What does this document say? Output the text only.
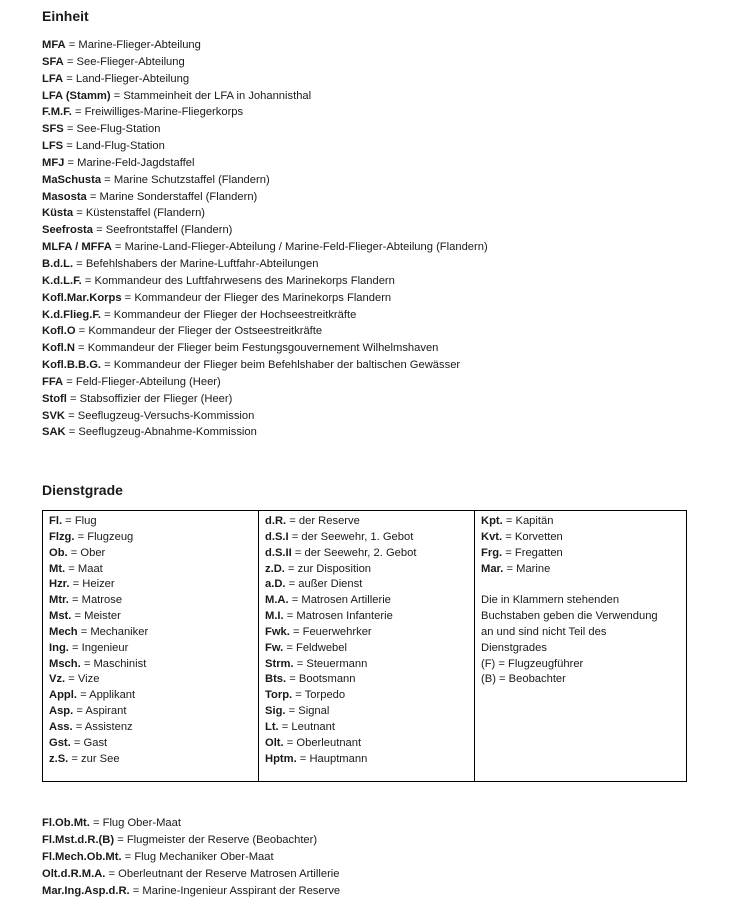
Einheit
MFA = Marine-Flieger-Abteilung
SFA = See-Flieger-Abteilung
LFA = Land-Flieger-Abteilung
LFA (Stamm) = Stammeinheit der LFA in Johannisthal
F.M.F. = Freiwilliges-Marine-Fliegerkorps
SFS = See-Flug-Station
LFS = Land-Flug-Station
MFJ = Marine-Feld-Jagdstaffel
MaSchusta = Marine Schutzstaffel (Flandern)
Masosta = Marine Sonderstaffel (Flandern)
Küsta = Küstenstaffel (Flandern)
Seefrosta = Seefrontstaffel (Flandern)
MLFA / MFFA = Marine-Land-Flieger-Abteilung / Marine-Feld-Flieger-Abteilung (Flandern)
B.d.L. = Befehlshabers der Marine-Luftfahr-Abteilungen
K.d.L.F. = Kommandeur des Luftfahrwesens des Marinekorps Flandern
Kofl.Mar.Korps = Kommandeur der Flieger des Marinekorps Flandern
K.d.Flieg.F. = Kommandeur der Flieger der Hochseestreitkräfte
Kofl.O = Kommandeur der Flieger der Ostseestreitkräfte
Kofl.N = Kommandeur der Flieger beim Festungsgouvernement Wilhelmshaven
Kofl.B.B.G. = Kommandeur der Flieger beim Befehlshaber der baltischen Gewässer
FFA = Feld-Flieger-Abteilung (Heer)
Stofl = Stabsoffizier der Flieger (Heer)
SVK = Seeflugzeug-Versuchs-Kommission
SAK = Seeflugzeug-Abnahme-Kommission
Dienstgrade
Fl. = Flug
Flzg. = Flugzeug
Ob. = Ober
Mt. = Maat
Hzr. = Heizer
Mtr. = Matrose
Mst. = Meister
Mech = Mechaniker
Ing. = Ingenieur
Msch. = Maschinist
Vz. = Vize
Appl. = Applikant
Asp. = Aspirant
Ass. = Assistenz
Gst. = Gast
z.S. = zur See

d.R. = der Reserve
d.S.I = der Seewehr, 1. Gebot
d.S.II = der Seewehr, 2. Gebot
z.D. = zur Disposition
a.D. = außer Dienst
M.A. = Matrosen Artillerie
M.I. = Matrosen Infanterie
Fwk. = Feuerwehrker
Fw. = Feldwebel
Strm. = Steuermann
Bts. = Bootsmann
Torp. = Torpedo
Sig. = Signal
Lt. = Leutnant
Olt. = Oberleutnant
Hptm. = Hauptmann

Kpt. = Kapitän
Kvt. = Korvetten
Frg. = Fregatten
Mar. = Marine

Die in Klammern stehenden

Buchstaben geben die Verwendung

an und sind nicht Teil des

Dienstgrades

(F) = Flugzeugführer

(B) = Beobachter

Fl.Ob.Mt. = Flug Ober-Maat
Fl.Mst.d.R.(B) = Flugmeister der Reserve (Beobachter)
Fl.Mech.Ob.Mt. = Flug Mechaniker Ober-Maat
Olt.d.R.M.A. = Oberleutnant der Reserve Matrosen Artillerie
Mar.Ing.Asp.d.R. = Marine-Ingenieur Asspirant der Reserve
